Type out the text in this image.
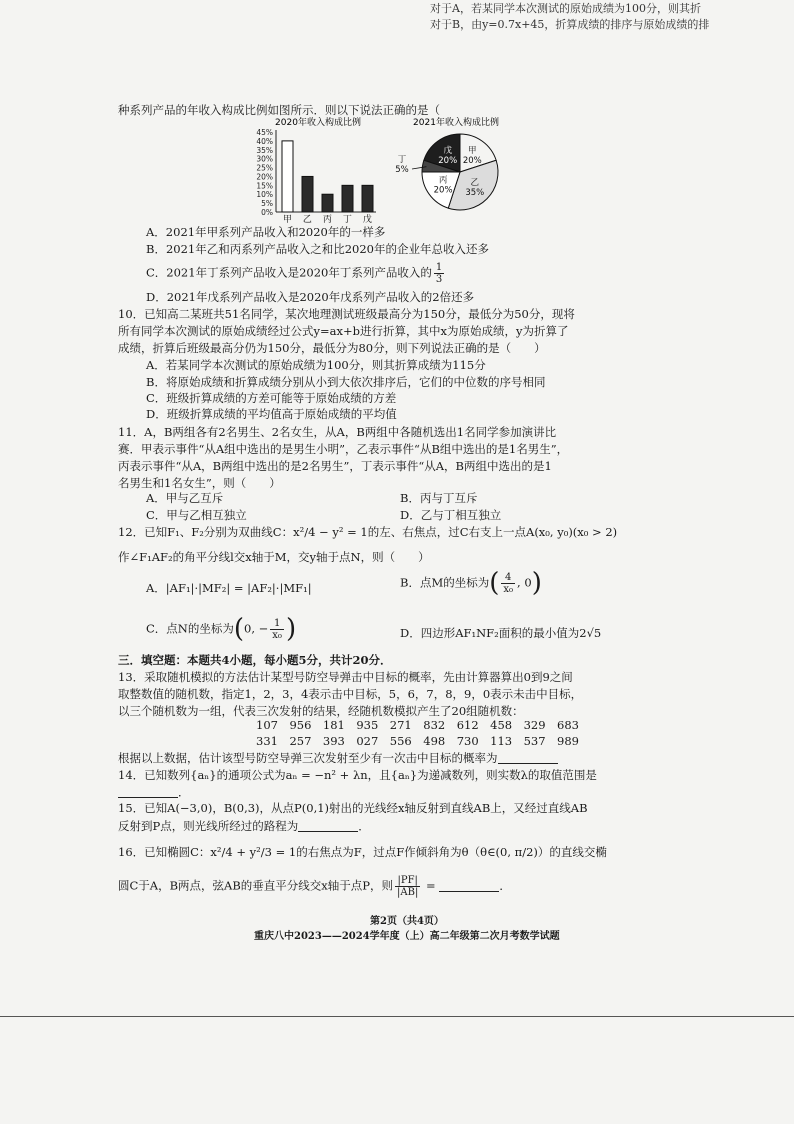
对于A，若某同学本次测试的原始成绩为100分，则其折
对于B，由y=0.7x+45，折算成绩的排序与原始成绩的排
种系列产品的年收入构成比例如图所示．则以下说法正确的是（
2020年收入构成比例
0%
5%
10%
15%
20%
25%
30%
35%
40%
45%
甲 乙 丙 丁 戊
2021年收入构成比例
戊
20%
甲
20%
乙
35%
丙
20%
5%
丁
A．2021年甲系列产品收入和2020年的一样多
B．2021年乙和丙系列产品收入之和比2020年的企业年总收入还多
C．2021年丁系列产品收入是2020年丁系列产品收入的 $\frac{1}{3}$
D．2021年戊系列产品收入是2020年戊系列产品收入的2倍还多
10．已知高二某班共51名同学，某次地理测试班级最高分为150分，最低分为50分，现将
所有同学本次测试的原始成绩经过公式y=ax+b进行折算，其中x为原始成绩，y为折算了
成绩，折算后班级最高分仍为150分，最低分为80分，则下列说法正确的是（　　）
A．若某同学本次测试的原始成绩为100分，则其折算成绩为115分
B．将原始成绩和折算成绩分别从小到大依次排序后，它们的中位数的序号相同
C．班级折算成绩的方差可能等于原始成绩的方差
D．班级折算成绩的平均值高于原始成绩的平均值
11．A，B两组各有2名男生、2名女生，从A，B两组中各随机选出1名同学参加演讲比
赛．甲表示事件“从A组中选出的是男生小明”，乙表示事件“从B组中选出的是1名男生”，
丙表示事件“从A，B两组中选出的是2名男生”，丁表示事件“从A，B两组中选出的是1
名男生和1名女生”，则（　　）
A．甲与乙互斥	B．丙与丁互斥
C．甲与乙相互独立	D．乙与丁相互独立
12．已知F₁、F₂分别为双曲线C：x²/4 − y² = 1的左、右焦点，过C右支上一点A(x₀, y₀)(x₀ > 2)
作∠F₁AF₂的角平分线l交x轴于M，交y轴于点N，则（　　）
A．|AF₁|·|MF₂| = |AF₂|·|MF₁|	B．点M的坐标为( $\frac{4}{\text{x₀}}$ , 0)
C．点N的坐标为(0, − $\frac{1}{\text{x₀}}$ )	D．四边形AF₁NF₂面积的最小值为2√5
三．填空题：本题共4小题，每小题5分，共计20分．
13．采取随机模拟的方法估计某型号防空导弹击中目标的概率，先由计算器算出0到9之间
取整数值的随机数，指定1，2，3，4表示击中目标，5，6，7，8，9，0表示未击中目标，
以三个随机数为一组，代表三次发射的结果，经随机数模拟产生了20组随机数：
107　956　181　935　271　832　612　458　329　683
331　257　393　027　556　498　730　113　537　989
根据以上数据，估计该型号防空导弹三次发射至少有一次击中目标的概率为
14．已知数列{aₙ}的通项公式为aₙ = −n² + λn，且{aₙ}为递减数列，则实数λ的取值范围是
．
15．已知A(−3,0)，B(0,3)，从点P(0,1)射出的光线经x轴反射到直线AB上，又经过直线AB
反射到P点，则光线所经过的路程为	．
16．已知椭圆C：x²/4 + y²/3 = 1的右焦点为F，过点F作倾斜角为θ（θ∈(0, π/2)）的直线交椭
圆C于A，B两点，弦AB的垂直平分线交x轴于点P，则 $\frac{|PF|}{|AB|}$ =	．
第2页（共4页）
重庆八中2023——2024学年度（上）高二年级第二次月考数学试题
